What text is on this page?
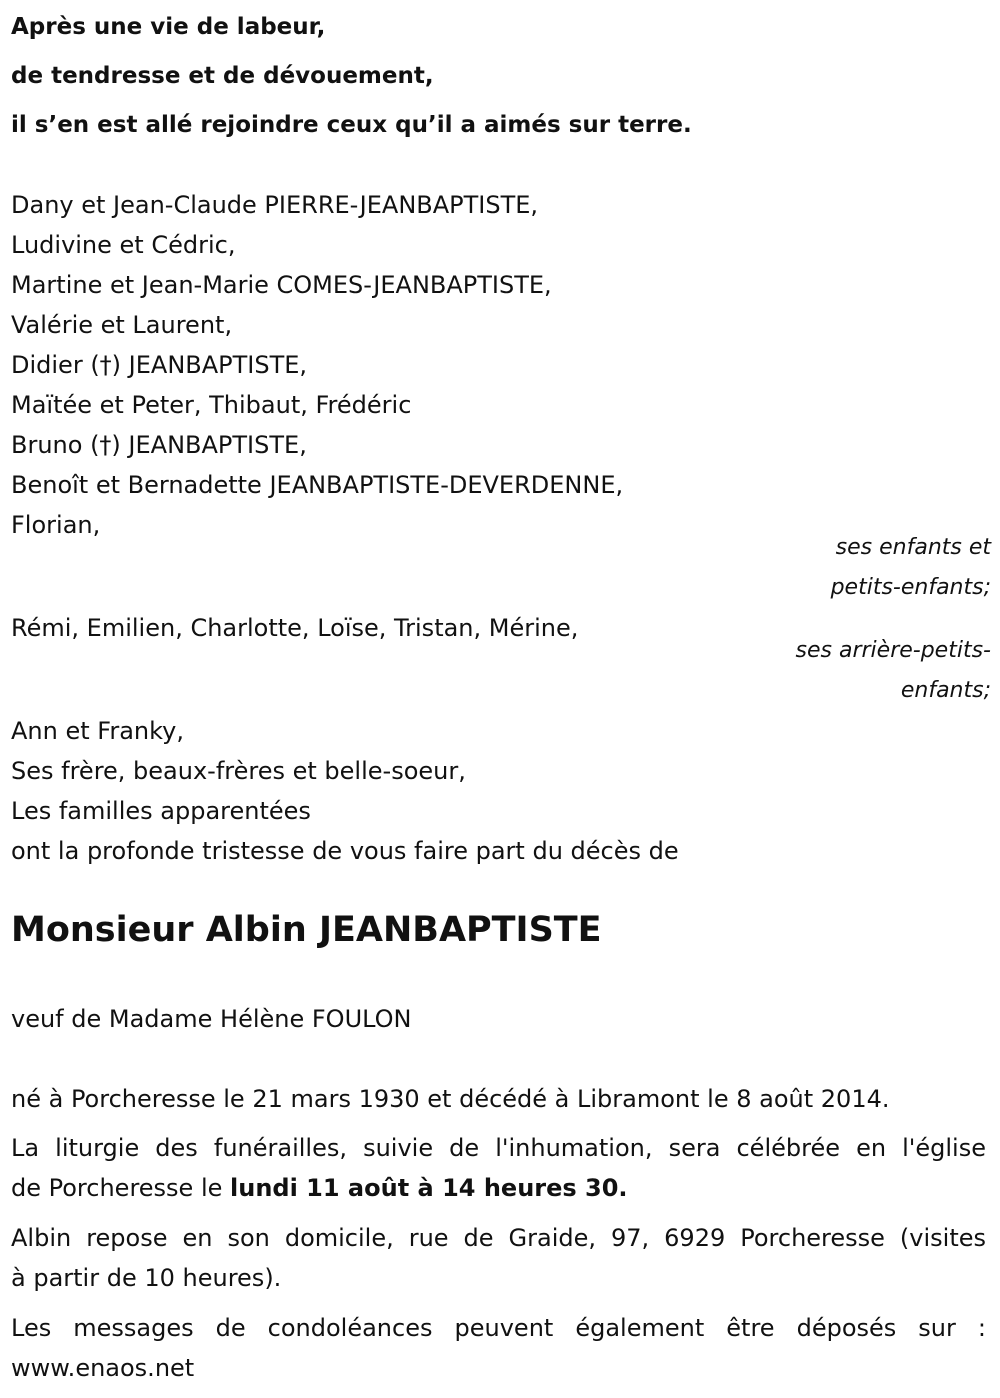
Après une vie de labeur,
de tendresse et de dévouement,
il s’en est allé rejoindre ceux qu’il a aimés sur terre.
Dany et Jean-Claude PIERRE-JEANBAPTISTE,
Ludivine et Cédric,
Martine et Jean-Marie COMES-JEANBAPTISTE,
Valérie et Laurent,
Didier (†) JEANBAPTISTE,
Maïtée et Peter, Thibaut, Frédéric
Bruno (†) JEANBAPTISTE,
Benoît et Bernadette JEANBAPTISTE-DEVERDENNE,
Florian,
ses enfants et
petits-enfants;
Rémi, Emilien, Charlotte, Loïse, Tristan, Mérine,
ses arrière-petits-
enfants;
Ann et Franky,
Ses frère, beaux-frères et belle-soeur,
Les familles apparentées
ont la profonde tristesse de vous faire part du décès de
Monsieur Albin JEANBAPTISTE
veuf de Madame Hélène FOULON
né à Porcheresse le 21 mars 1930 et décédé à Libramont le 8 août 2014.
La liturgie des funérailles, suivie de l'inhumation, sera célébrée en l'église
de Porcheresse le lundi 11 août à 14 heures 30.
Albin repose en son domicile, rue de Graide, 97, 6929 Porcheresse (visites
à partir de 10 heures).
Les messages de condoléances peuvent également être déposés sur :
www.enaos.net
